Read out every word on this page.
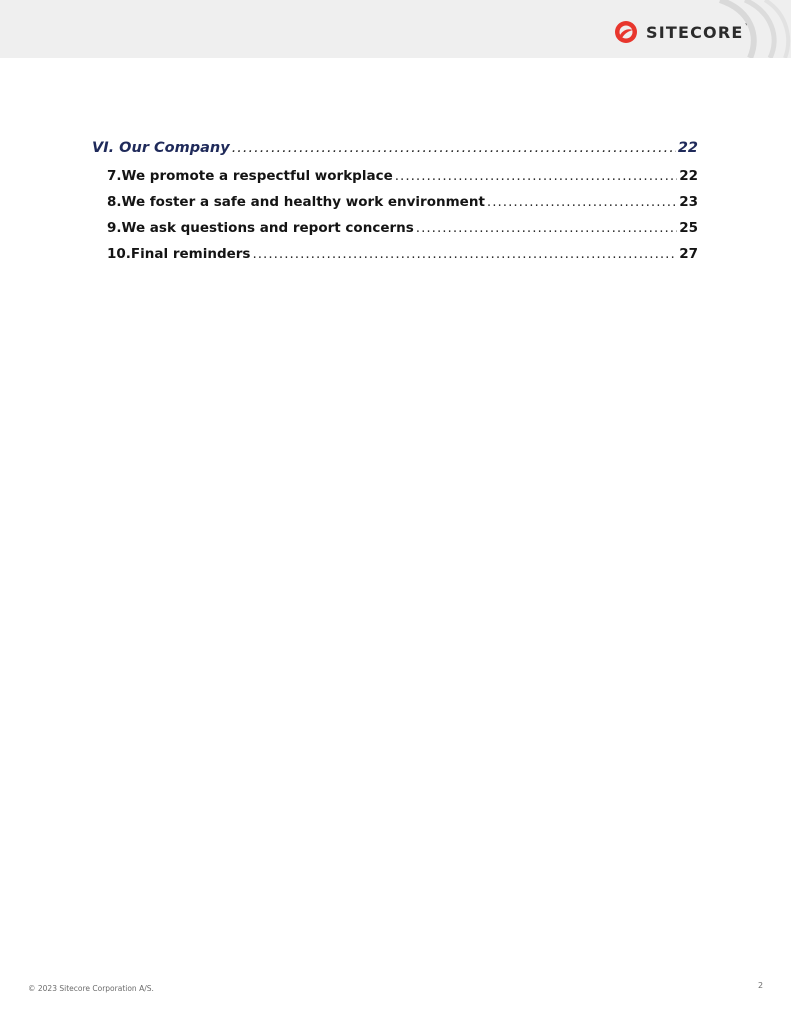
SITECORE™
VI. Our Company .....	22
7. We promote a respectful workplace .....	22
8. We foster a safe and healthy work environment .....	23
9. We ask questions and report concerns .....	25
10. Final reminders .....	27
© 2023 Sitecore Corporation A/S.	2
